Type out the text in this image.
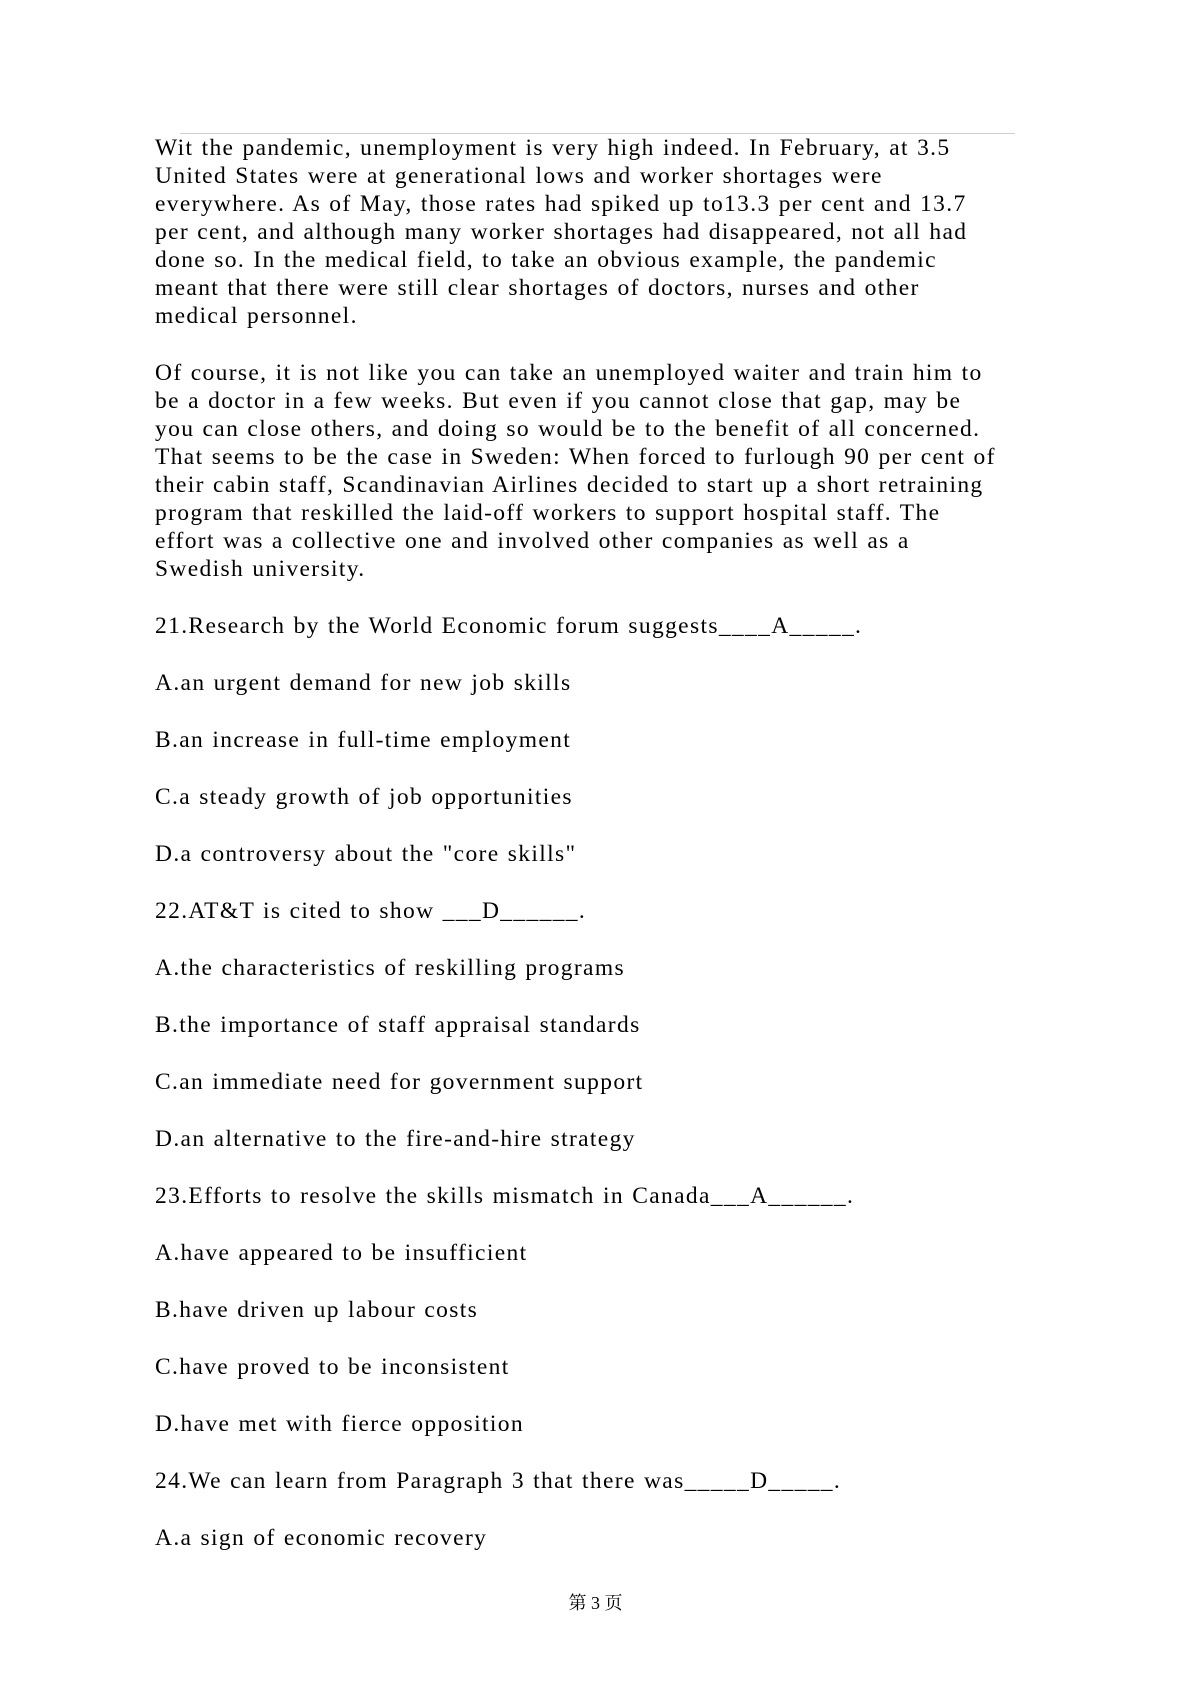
Wit the pandemic, unemployment is very high indeed. In February, at 3.5
United States were at generational lows and worker shortages were
everywhere. As of May, those rates had spiked up to13.3 per cent and 13.7
per cent, and although many worker shortages had disappeared, not all had
done so. In the medical field, to take an obvious example, the pandemic
meant that there were still clear shortages of doctors, nurses and other
medical personnel.
Of course, it is not like you can take an unemployed waiter and train him to
be a doctor in a few weeks. But even if you cannot close that gap, may be
you can close others, and doing so would be to the benefit of all concerned.
That seems to be the case in Sweden: When forced to furlough 90 per cent of
their cabin staff, Scandinavian Airlines decided to start up a short retraining
program that reskilled the laid-off workers to support hospital staff. The
effort was a collective one and involved other companies as well as a
Swedish university.
21.Research by the World Economic forum suggests____A_____.
A.an urgent demand for new job skills
B.an increase in full-time employment
C.a steady growth of job opportunities
D.a controversy about the "core skills"
22.AT&T is cited to show ___D______.
A.the characteristics of reskilling programs
B.the importance of staff appraisal standards
C.an immediate need for government support
D.an alternative to the fire-and-hire strategy
23.Efforts to resolve the skills mismatch in Canada___A______.
A.have appeared to be insufficient
B.have driven up labour costs
C.have proved to be inconsistent
D.have met with fierce opposition
24.We can learn from Paragraph 3 that there was_____D_____.
A.a sign of economic recovery
第 3 页
